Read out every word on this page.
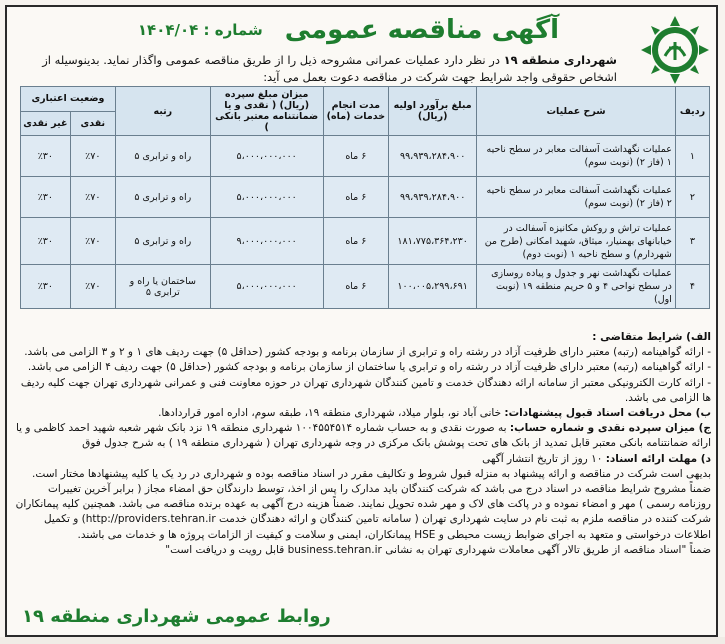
آگهی مناقصه عمومی
شماره : ۱۴۰۴/۰۴
شهرداری منطقه ۱۹ در نظر دارد عملیات عمرانی مشروحه ذیل را از طریق مناقصه عمومی واگذار نماید. بدینوسیله از اشخاص حقوقی واجد شرایط جهت شرکت در مناقصه دعوت بعمل می آید:
ردیف	شرح عملیات	مبلغ برآورد اولیه (ریال)	مدت انجام خدمات (ماه)	میزان مبلغ سپرده (ریال) ( نقدی و یا ضمانتنامه معتبر بانکی )	رتبه	وضعیت اعتباری	
						نقدی	غیر نقدی
۱	عملیات نگهداشت آسفالت معابر در سطح ناحیه ۱ (فاز ۲) (نوبت سوم)	۹۹،۹۳۹،۲۸۴،۹۰۰	۶ ماه	۵،۰۰۰،۰۰۰،۰۰۰	راه و ترابری ۵	٪۷۰	٪۳۰
۲	عملیات نگهداشت آسفالت معابر در سطح ناحیه ۲ (فاز ۲) (نوبت سوم)	۹۹،۹۳۹،۲۸۴،۹۰۰	۶ ماه	۵،۰۰۰،۰۰۰،۰۰۰	راه و ترابری ۵	٪۷۰	٪۳۰
۳	عملیات تراش و روکش مکانیزه آسفالت در خیابانهای بهمنیار، میثاق، شهید امکانی (طرح من شهردارم) و سطح ناحیه ۱ (نوبت دوم)	۱۸۱،۷۷۵،۳۶۴،۲۳۰	۶ ماه	۹،۰۰۰،۰۰۰،۰۰۰	راه و ترابری ۵	٪۷۰	٪۳۰
۴	عملیات نگهداشت نهر و جدول و پیاده روسازی در سطح نواحی ۴ و ۵ حریم منطقه ۱۹ (نوبت اول)	۱۰۰،۰۰۵،۲۹۹،۶۹۱	۶ ماه	۵،۰۰۰،۰۰۰،۰۰۰	ساختمان یا راه و ترابری ۵	٪۷۰	٪۳۰

الف) شرایط متقاضی :

- ارائه گواهینامه (رتبه) معتبر دارای ظرفیت آزاد در رشته راه و ترابری از سازمان برنامه و بودجه کشور (حداقل ۵) جهت ردیف های ۱ و ۲ و ۳ الزامی می باشد.

- ارائه گواهینامه (رتبه) معتبر دارای ظرفیت آزاد در رشته راه و ترابری یا ساختمان از سازمان برنامه و بودجه کشور (حداقل ۵) جهت ردیف ۴ الزامی می باشد.

- ارائه کارت الکترونیکی معتبر از سامانه ارائه دهندگان خدمت و تامین کنندگان شهرداری تهران در حوزه معاونت فنی و عمرانی شهرداری تهران جهت کلیه ردیف ها الزامی می باشد.

ب) محل دریافت اسناد قبول پیشنهادات: خانی آباد نو، بلوار میلاد، شهرداری منطقه ۱۹، طبقه سوم، اداره امور قراردادها.

ج) میزان سپرده نقدی و شماره حساب: به صورت نقدی و به حساب شماره ۱۰۰۴۵۵۴۵۱۴ شهرداری منطقه ۱۹ نزد بانک شهر شعبه شهید احمد کاظمی و یا ارائه ضمانتنامه بانکی معتبر قابل تمدید از بانک های تحت پوشش بانک مرکزی در وجه شهرداری تهران ( شهرداری منطقه ۱۹ ) به شرح جدول فوق

د) مهلت ارائه اسناد: ۱۰ روز از تاریخ انتشار آگهی

بدیهی است شرکت در مناقصه و ارائه پیشنهاد به منزله قبول شروط و تکالیف مقرر در اسناد مناقصه بوده و شهرداری در رد یک یا کلیه پیشنهادها مختار است. ضمناً مشروح شرایط مناقصه در اسناد درج می باشد که شرکت کنندگان باید مدارک را پس از اخذ، توسط دارندگان حق امضاء مجاز ( برابر آخرین تغییرات روزنامه رسمی ) مهر و امضاء نموده و در پاکت های لاک و مهر شده تحویل نمایند. ضمناً هزینه درج آگهی به عهده برنده مناقصه می باشد. همچنین کلیه پیمانکاران شرکت کننده در مناقصه ملزم به ثبت نام در سایت شهرداری تهران ( سامانه تامین کنندگان و ارائه دهندگان خدمت http://providers.tehran.ir) و تکمیل اطلاعات درخواستی و متعهد به اجرای ضوابط زیست محیطی و HSE پیمانکاران، ایمنی و سلامت و کیفیت از الزامات پروژه ها و خدمات می باشند.

ضمناً "اسناد مناقصه از طریق تالار آگهی معاملات شهرداری تهران به نشانی business.tehran.ir قابل رویت و دریافت است"

روابط عمومی شهرداری منطقه ۱۹
